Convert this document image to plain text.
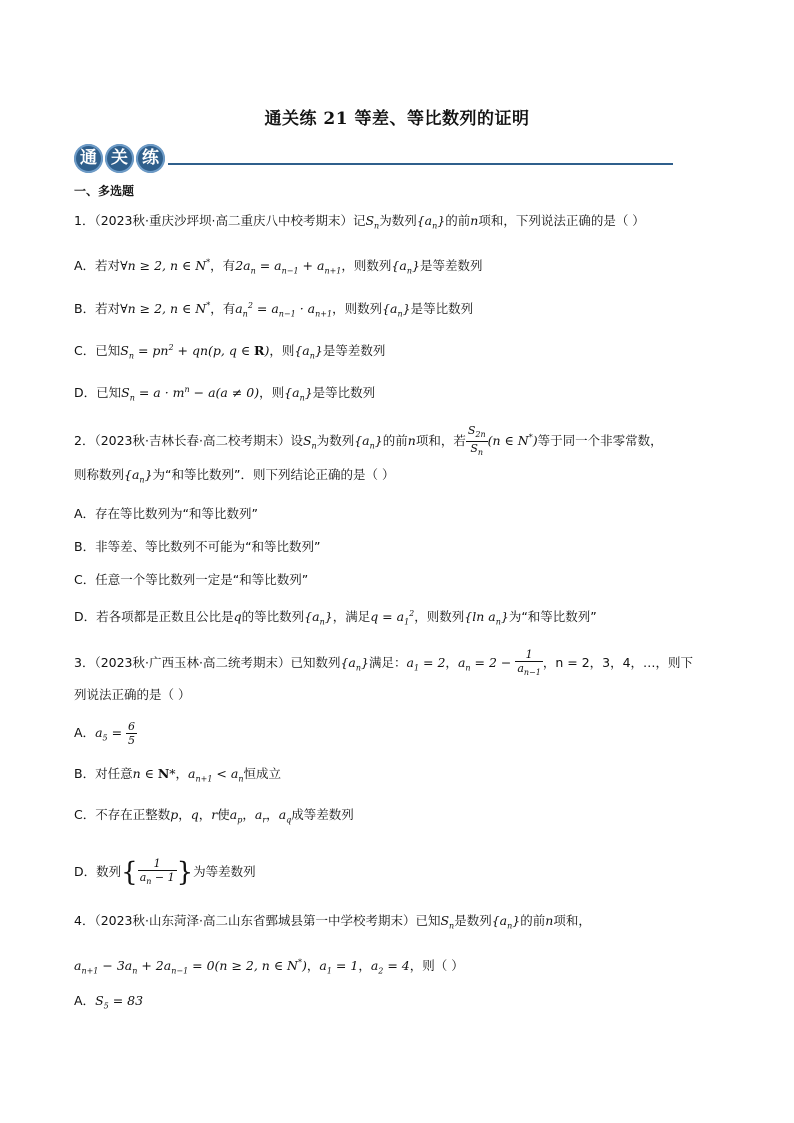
通关练 21 等差、等比数列的证明
通 关 练
一、多选题
1．（2023秋·重庆沙坪坝·高二重庆八中校考期末）记$S_n$为数列$\{a_n\}$的前n项和，下列说法正确的是（ ）
A．若对∀n ≥ 2, n ∈ N*，有$2a_n = a_{n-1} + a_{n+1}$，则数列$\{a_n\}$是等差数列
B．若对∀n ≥ 2, n ∈ N*，有$a_n^2 = a_{n-1} \cdot a_{n+1}$，则数列$\{a_n\}$是等比数列
C．已知$S_n = pn^2 + qn(p$, q ∈ R)，则$\{a_n\}$是等差数列
D．已知$S_n = a \cdot m^n - a(a \ne 0)$，则$\{a_n\}$是等比数列
2．（2023秋·吉林长春·高二校考期末）设$S_n$为数列$\{a_n\}$的前n项和，若 $\frac{S_{2n}}{S_n} (n$ ∈ N*)等于同一个非零常数，
则称数列$\{a_n\}$为“和等比数列”．则下列结论正确的是（ ）
A．存在等比数列为“和等比数列”
B．非等差、等比数列不可能为“和等比数列”
C．任意一个等比数列一定是“和等比数列”
D．若各项都是正数且公比是q的等比数列$\{a_n\}$，满足$q = a_1^2$，则数列{ln $a_n$}为“和等比数列”
3．（2023秋·广西玉林·高二统考期末）已知数列$\{a_n\}$满足：$a_1 = 2$，$a_n = 2 - \frac{1}{a_{n-1}}$ ，n = 2，3，4，…，则下
列说法正确的是（ ）
A．$a_5 = \frac{6}{5}$
B．对任意n ∈ N*，$a_{n+1} < a_n$恒成立
C．不存在正整数p，q，r使$a_p$，$a_r$，$a_q$成等差数列
D．数列{ $\frac{1}{a_n - 1}$ }为等差数列
4．（2023秋·山东菏泽·高二山东省鄄城县第一中学校考期末）已知$S_n$是数列$\{a_n\}$的前n项和，
$a_{n+1} - 3a_n + 2a_{n-1} = 0(n \ge 2$, n ∈ N*)，$a_1 = 1$，$a_2 = 4$，则（ ）
A．$S_5 = 83$
